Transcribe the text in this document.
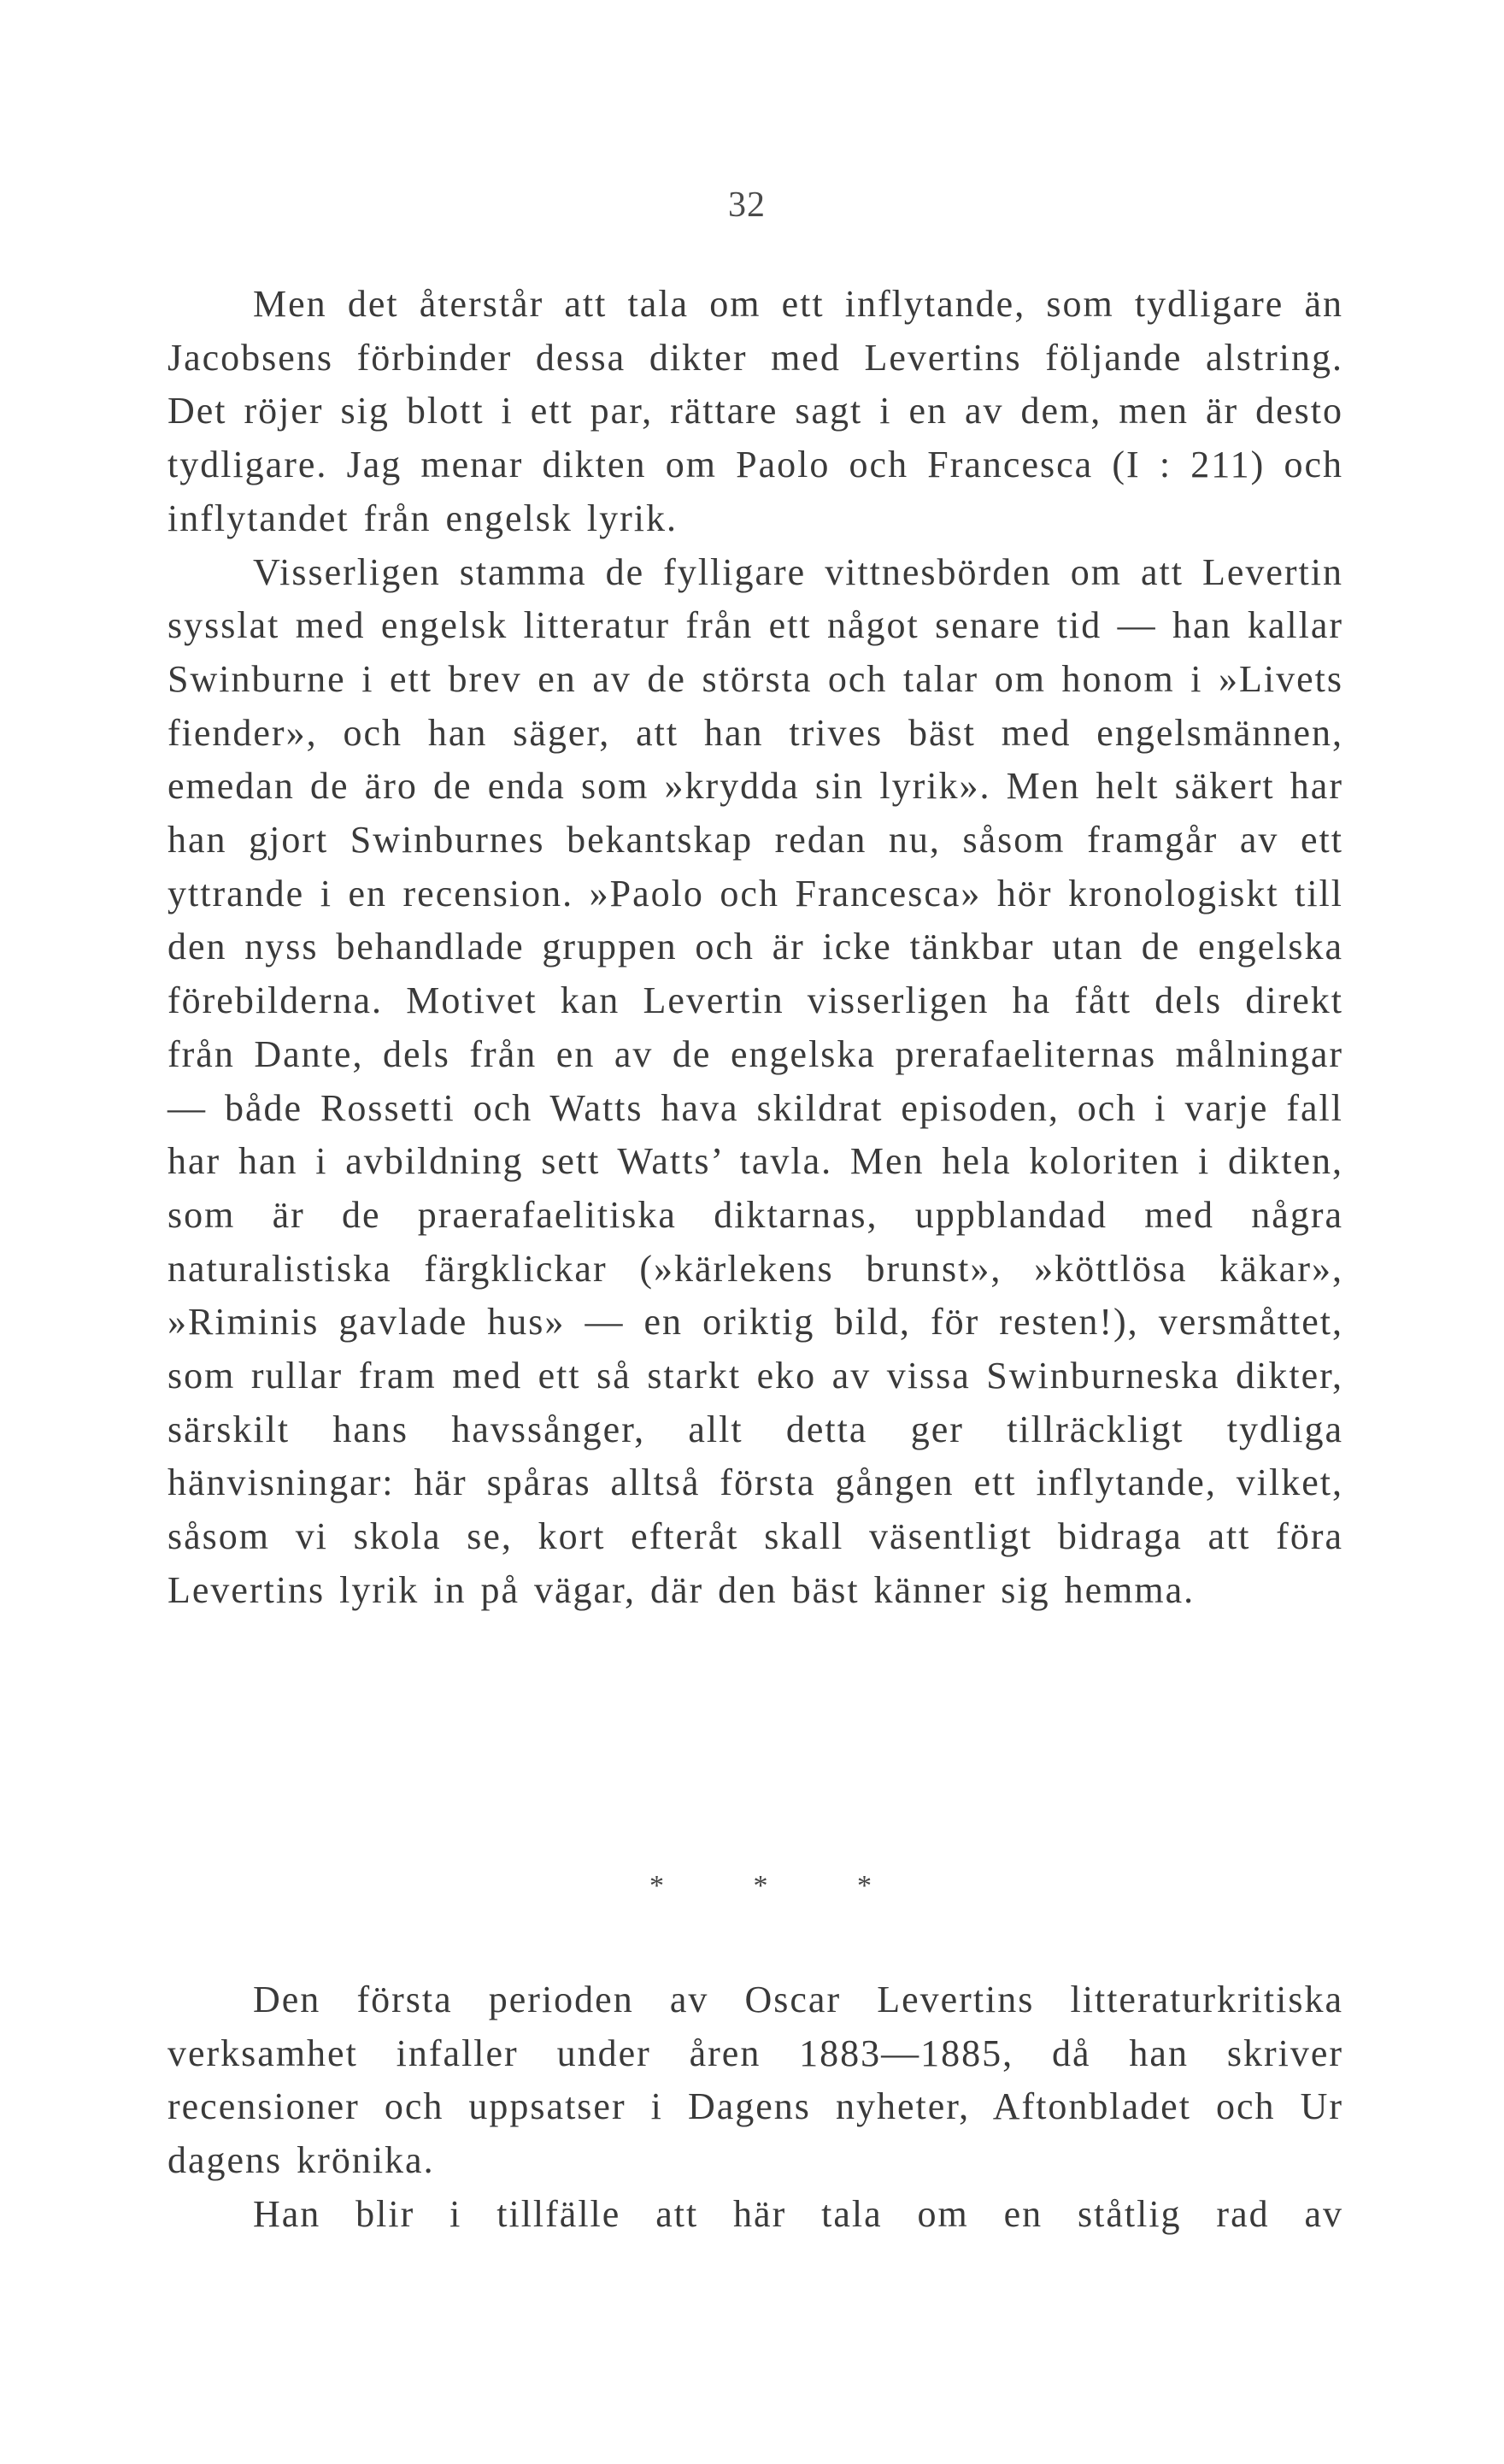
32

Men det återstår att tala om ett inflytande, som tydligare än Jacobsens förbinder dessa dikter med Levertins följande alstring. Det röjer sig blott i ett par, rättare sagt i en av dem, men är desto tydligare. Jag menar dikten om Paolo och Francesca (I : 211) och inflytandet från engelsk lyrik.

Visserligen stamma de fylligare vittnesbörden om att Levertin sysslat med engelsk litteratur från ett något senare tid — han kallar Swinburne i ett brev en av de största och talar om honom i »Livets fiender», och han säger, att han trives bäst med engelsmännen, emedan de äro de enda som »krydda sin lyrik». Men helt säkert har han gjort Swinburnes bekantskap redan nu, såsom framgår av ett yttrande i en recension. »Paolo och Francesca» hör kronologiskt till den nyss behandlade gruppen och är icke tänkbar utan de engelska förebilderna. Motivet kan Levertin visserligen ha fått dels direkt från Dante, dels från en av de engelska prerafaeliternas målningar — både Rossetti och Watts hava skildrat episoden, och i varje fall har han i avbildning sett Watts’ tavla. Men hela koloriten i dikten, som är de praerafaelitiska diktarnas, uppblandad med några naturalistiska färgklickar (»kärlekens brunst», »köttlösa käkar», »Riminis gavlade hus» — en oriktig bild, för resten!), versmåttet, som rullar fram med ett så starkt eko av vissa Swinburneska dikter, särskilt hans havssånger, allt detta ger tillräckligt tydliga hänvisningar: här spåras alltså första gången ett inflytande, vilket, såsom vi skola se, kort efteråt skall väsentligt bidraga att föra Levertins lyrik in på vägar, där den bäst känner sig hemma.

*	*	*

Den första perioden av Oscar Levertins litteraturkritiska verksamhet infaller under åren 1883—1885, då han skriver recensioner och uppsatser i Dagens nyheter, Aftonbladet och Ur dagens krönika.

Han blir i tillfälle att här tala om en ståtlig rad av
